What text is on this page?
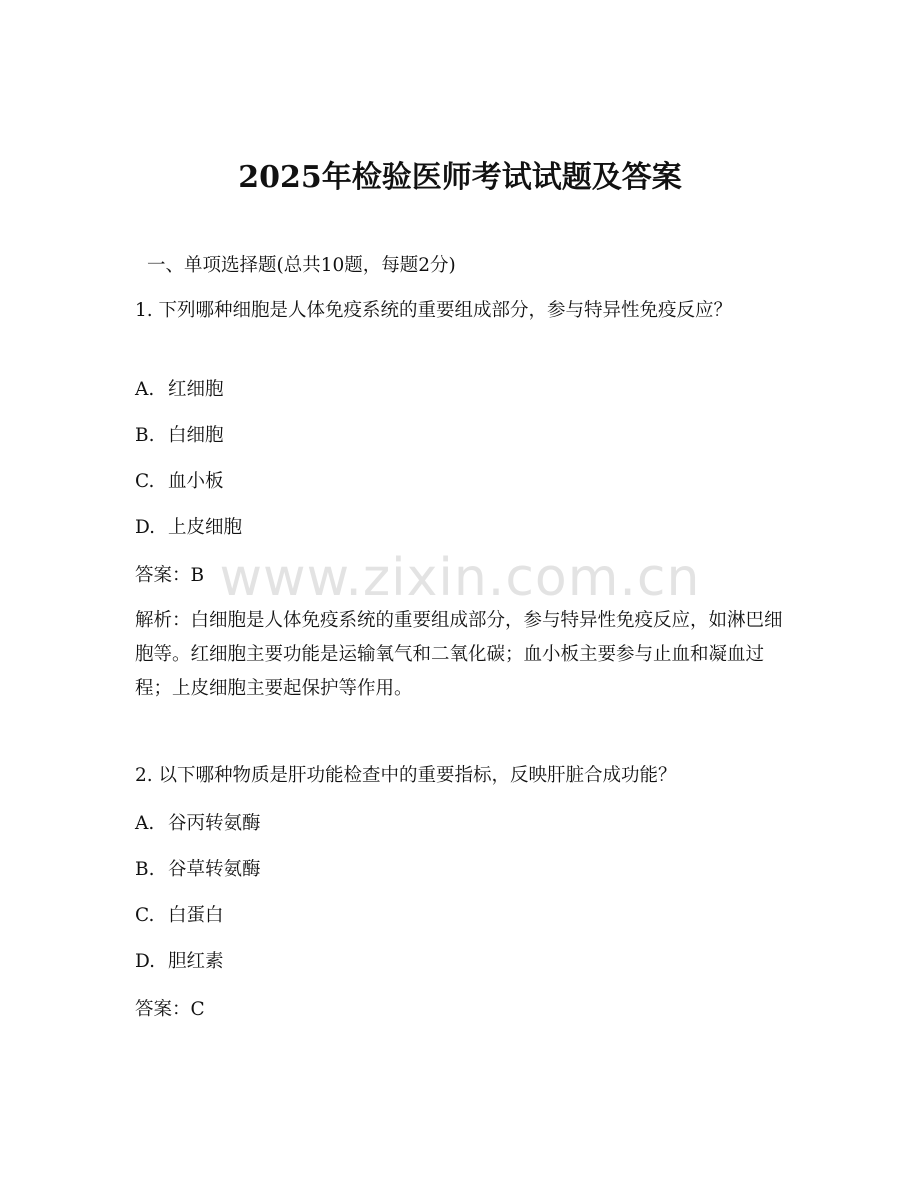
www.zixin.com.cn
2025年检验医师考试试题及答案
一、单项选择题(总共10题，每题2分)
1. 下列哪种细胞是人体免疫系统的重要组成部分，参与特异性免疫反应？
A. 红细胞
B. 白细胞
C. 血小板
D. 上皮细胞
答案：B
解析：白细胞是人体免疫系统的重要组成部分，参与特异性免疫反应，如淋巴细胞等。红细胞主要功能是运输氧气和二氧化碳；血小板主要参与止血和凝血过程；上皮细胞主要起保护等作用。
2. 以下哪种物质是肝功能检查中的重要指标，反映肝脏合成功能？
A. 谷丙转氨酶
B. 谷草转氨酶
C. 白蛋白
D. 胆红素
答案：C
